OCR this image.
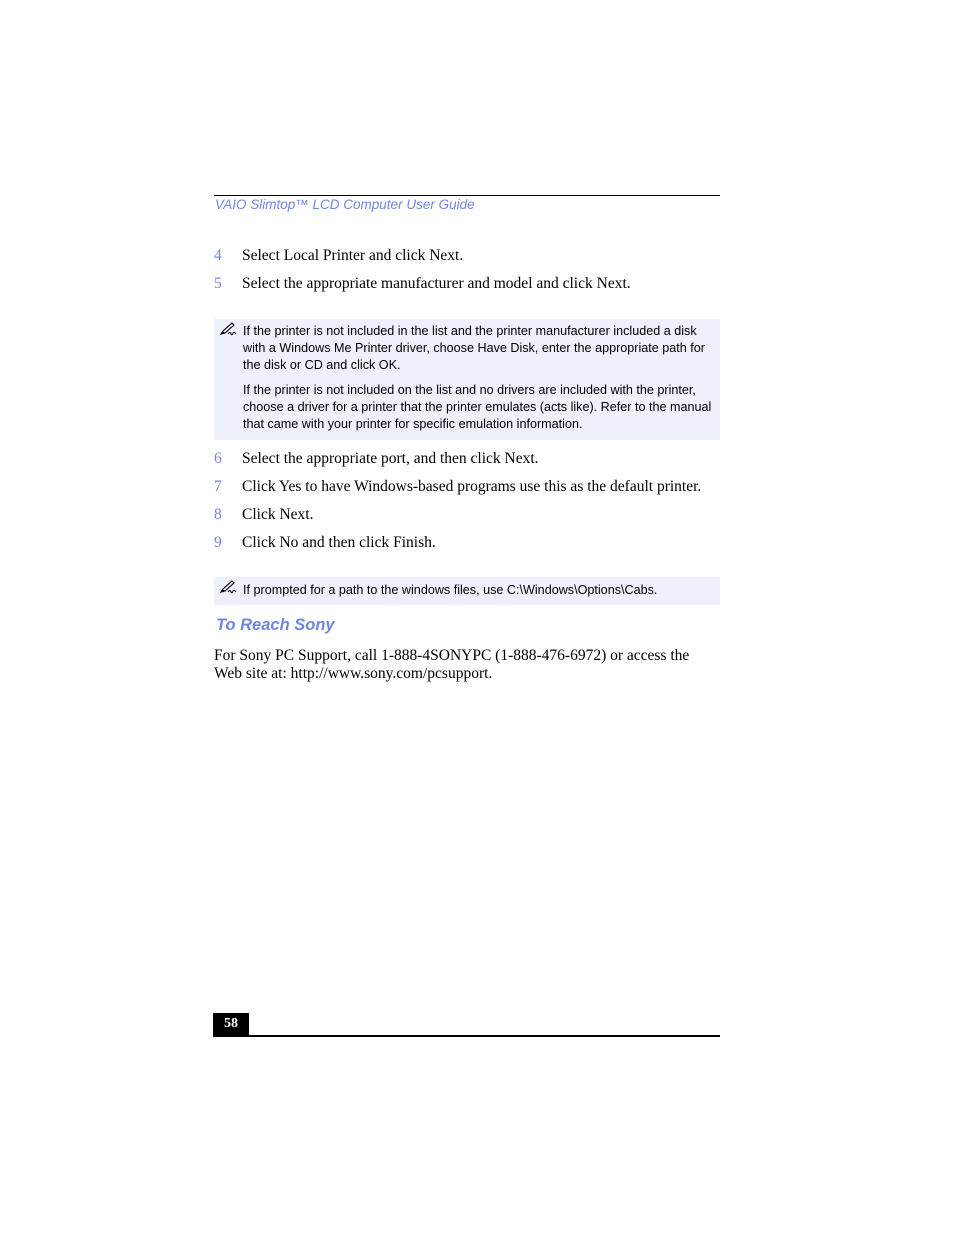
VAIO Slimtop™ LCD Computer User Guide
4 Select Local Printer and click Next.
5 Select the appropriate manufacturer and model and click Next.

If the printer is not included in the list and the printer manufacturer included a disk with a Windows Me Printer driver, choose Have Disk, enter the appropriate path for the disk or CD and click OK.

If the printer is not included on the list and no drivers are included with the printer, choose a driver for a printer that the printer emulates (acts like). Refer to the manual that came with your printer for specific emulation information.

6 Select the appropriate port, and then click Next.
7 Click Yes to have Windows-based programs use this as the default printer.
8 Click Next.
9 Click No and then click Finish.

If prompted for a path to the windows files, use C:\Windows\Options\Cabs.

To Reach Sony
For Sony PC Support, call 1-888-4SONYPC (1-888-476-6972) or access the Web site at: http://www.sony.com/pcsupport.
58
